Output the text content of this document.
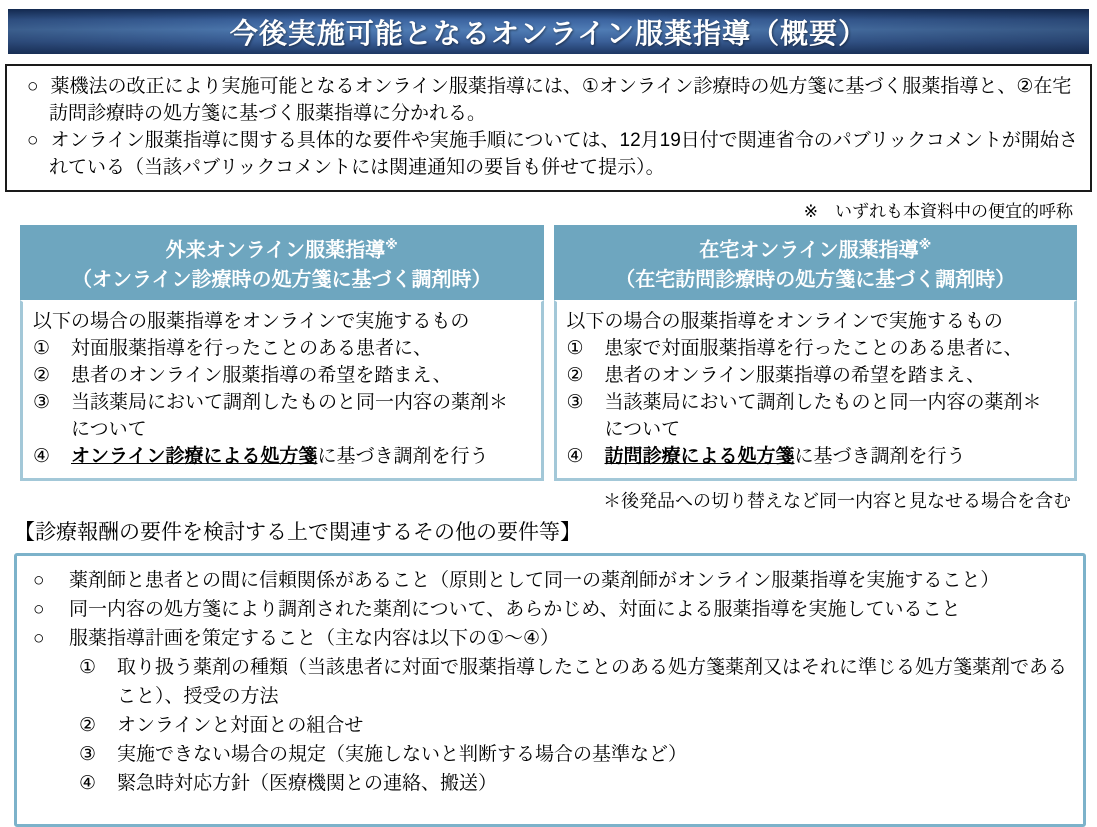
今後実施可能となるオンライン服薬指導（概要）

○ 薬機法の改正により実施可能となるオンライン服薬指導には、①オンライン診療時の処方箋に基づく服薬指導と、②在宅訪問診療時の処方箋に基づく服薬指導に分かれる。

○ オンライン服薬指導に関する具体的な要件や実施手順については、12月19日付で関連省令のパブリックコメントが開始されている（当該パブリックコメントには関連通知の要旨も併せて提示）。

※　いずれも本資料中の便宜的呼称
外来オンライン服薬指導※
（オンライン診療時の処方箋に基づく調剤時）
以下の場合の服薬指導をオンラインで実施するもの
①	対面服薬指導を行ったことのある患者に、
②	患者のオンライン服薬指導の希望を踏まえ、
③	当該薬局において調剤したものと同一内容の薬剤＊
について
④	オンライン診療による処方箋に基づき調剤を行う
在宅オンライン服薬指導※
（在宅訪問診療時の処方箋に基づく調剤時）
以下の場合の服薬指導をオンラインで実施するもの
①	患家で対面服薬指導を行ったことのある患者に、
②	患者のオンライン服薬指導の希望を踏まえ、
③	当該薬局において調剤したものと同一内容の薬剤＊
について
④	訪問診療による処方箋に基づき調剤を行う
＊後発品への切り替えなど同一内容と見なせる場合を含む
【診療報酬の要件を検討する上で関連するその他の要件等】
○	薬剤師と患者との間に信頼関係があること（原則として同一の薬剤師がオンライン服薬指導を実施すること）
○	同一内容の処方箋により調剤された薬剤について、あらかじめ、対面による服薬指導を実施していること
○	服薬指導計画を策定すること（主な内容は以下の①～④）
①	取り扱う薬剤の種類（当該患者に対面で服薬指導したことのある処方箋薬剤又はそれに準じる処方箋薬剤であること）、授受の方法
②	オンラインと対面との組合せ
③	実施できない場合の規定（実施しないと判断する場合の基準など）
④	緊急時対応方針（医療機関との連絡、搬送）
